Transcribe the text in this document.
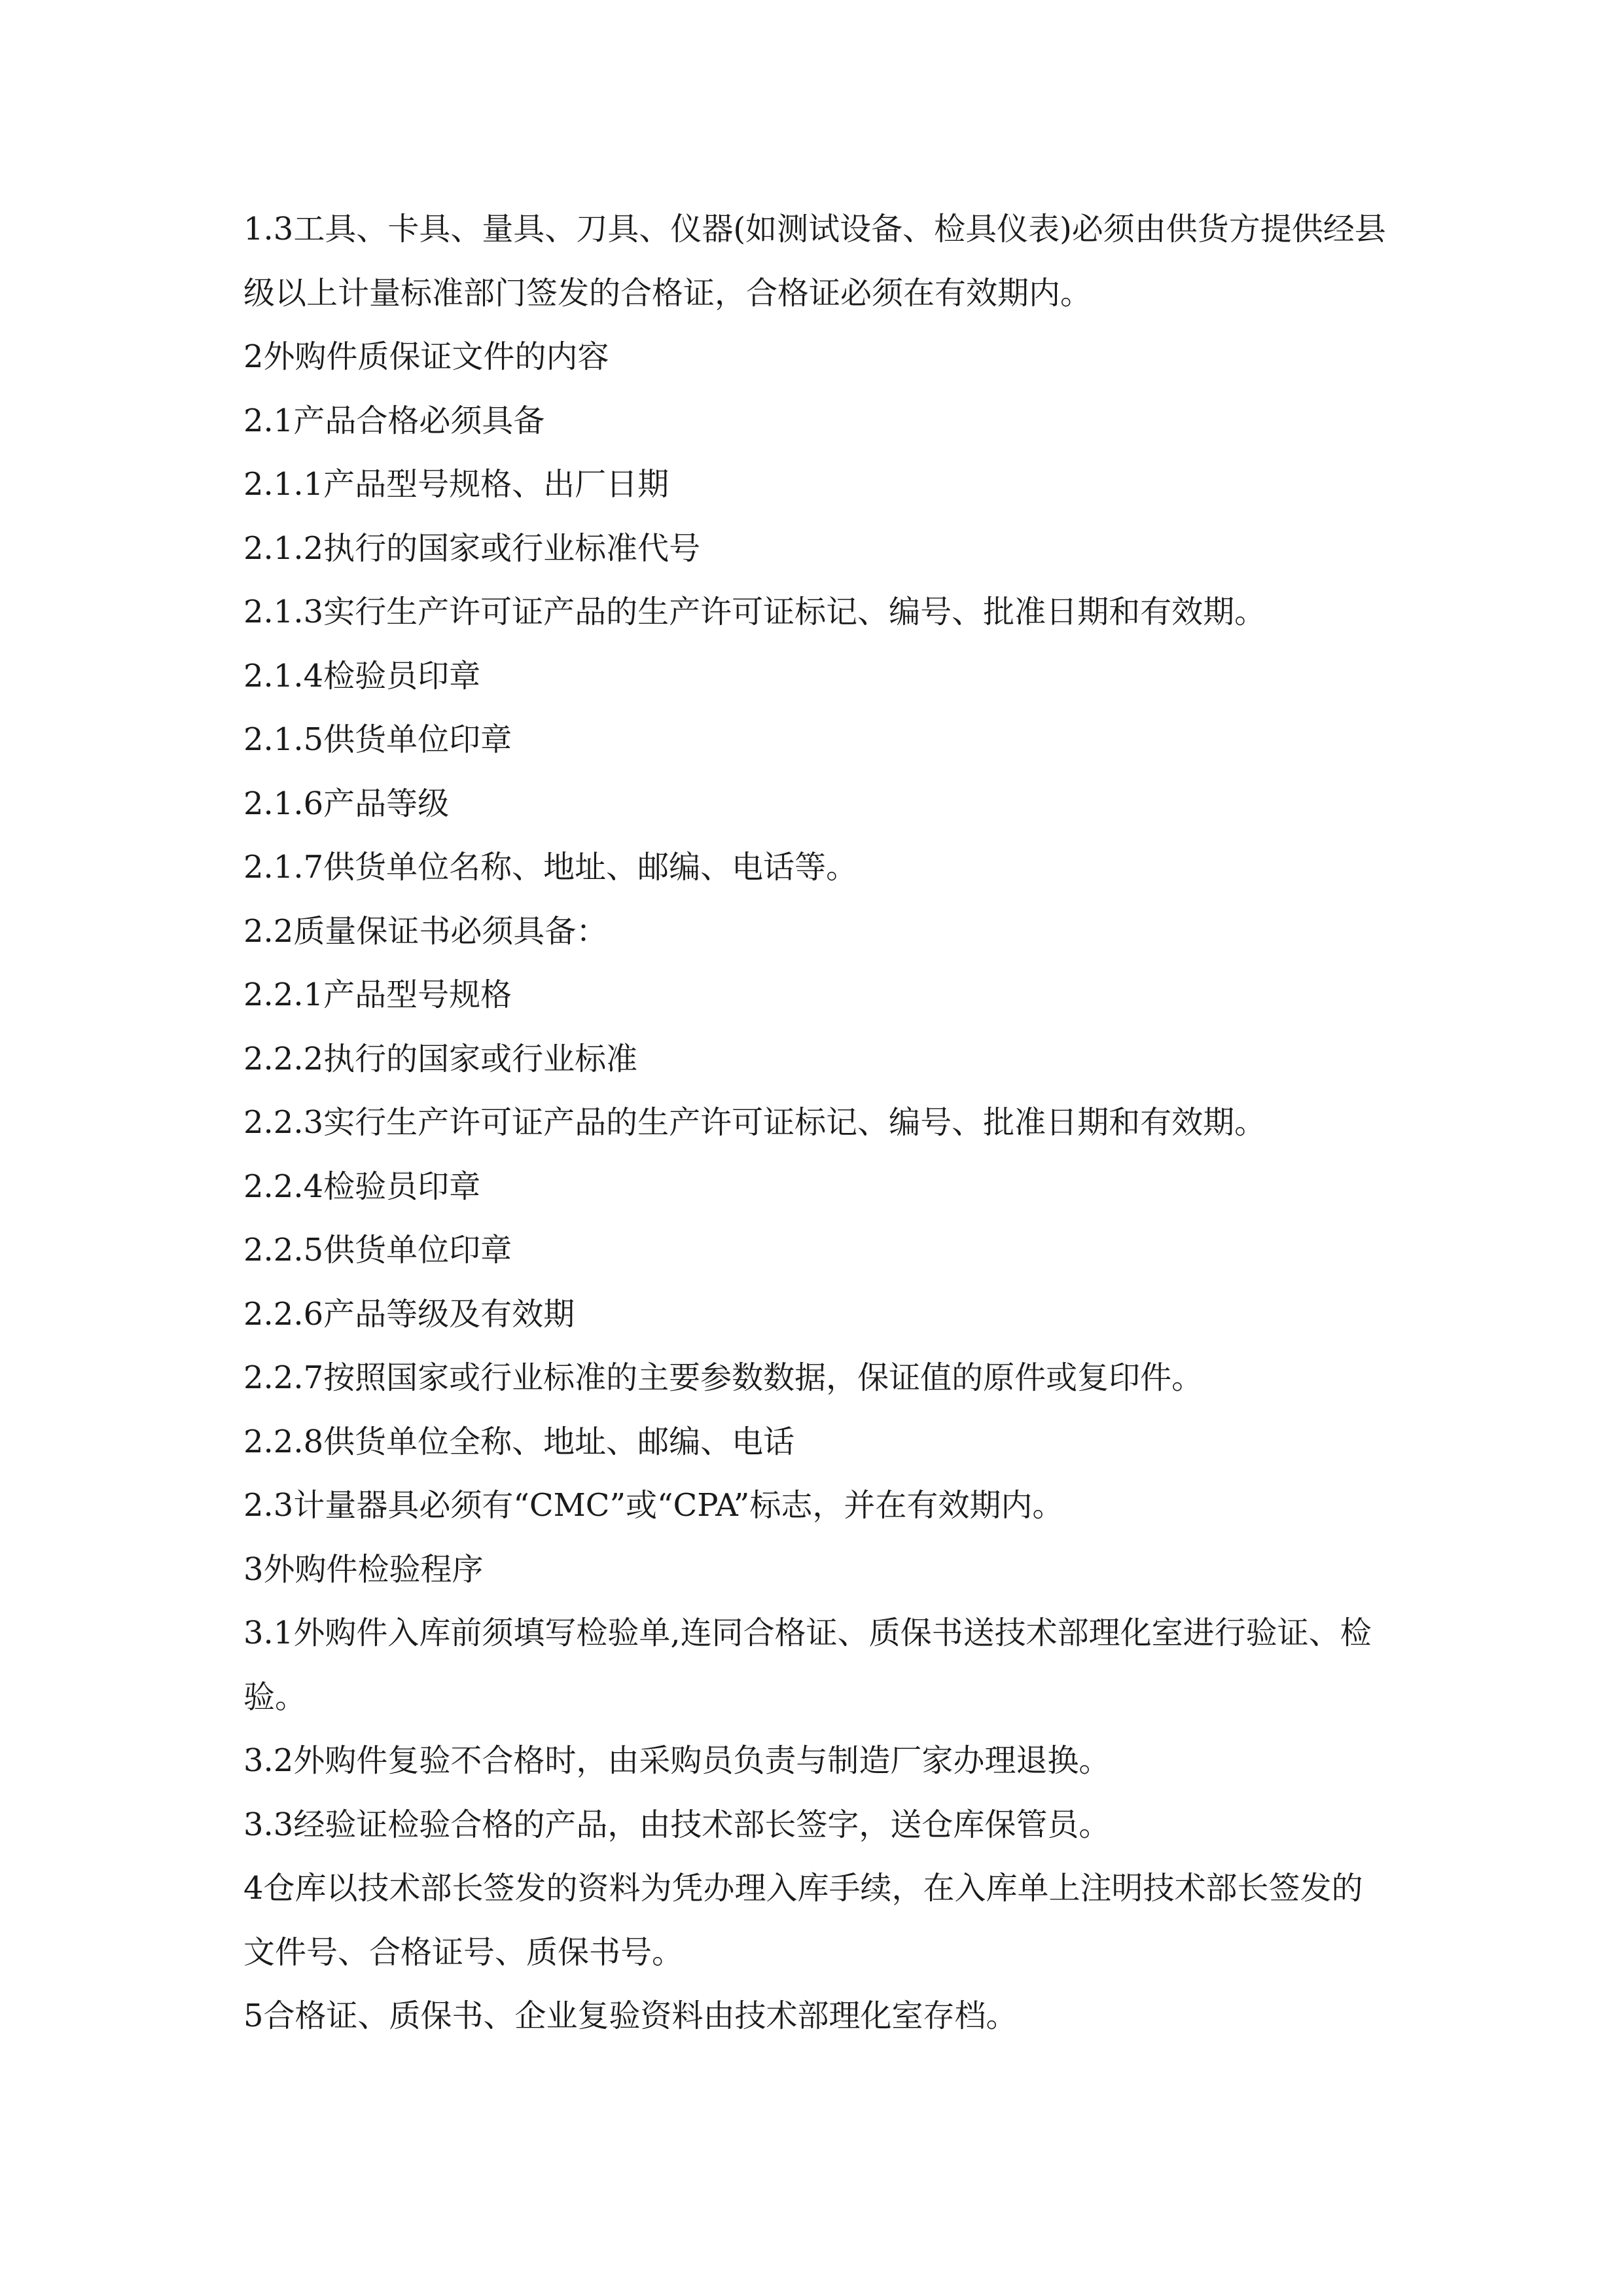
1.3工具、卡具、量具、刀具、仪器(如测试设备、检具仪表)必须由供货方提供经县级以上计量标准部门签发的合格证，合格证必须在有效期内。

2外购件质保证文件的内容

2.1产品合格必须具备

2.1.1产品型号规格、出厂日期

2.1.2执行的国家或行业标准代号

2.1.3实行生产许可证产品的生产许可证标记、编号、批准日期和有效期。

2.1.4检验员印章

2.1.5供货单位印章

2.1.6产品等级

2.1.7供货单位名称、地址、邮编、电话等。

2.2质量保证书必须具备：

2.2.1产品型号规格

2.2.2执行的国家或行业标准

2.2.3实行生产许可证产品的生产许可证标记、编号、批准日期和有效期。

2.2.4检验员印章

2.2.5供货单位印章

2.2.6产品等级及有效期

2.2.7按照国家或行业标准的主要参数数据，保证值的原件或复印件。

2.2.8供货单位全称、地址、邮编、电话

2.3计量器具必须有“CMC”或“CPA”标志，并在有效期内。

3外购件检验程序

3.1外购件入库前须填写检验单,连同合格证、质保书送技术部理化室进行验证、检验。

3.2外购件复验不合格时，由采购员负责与制造厂家办理退换。

3.3经验证检验合格的产品，由技术部长签字，送仓库保管员。

4仓库以技术部长签发的资料为凭办理入库手续，在入库单上注明技术部长签发的文件号、合格证号、质保书号。

5合格证、质保书、企业复验资料由技术部理化室存档。
